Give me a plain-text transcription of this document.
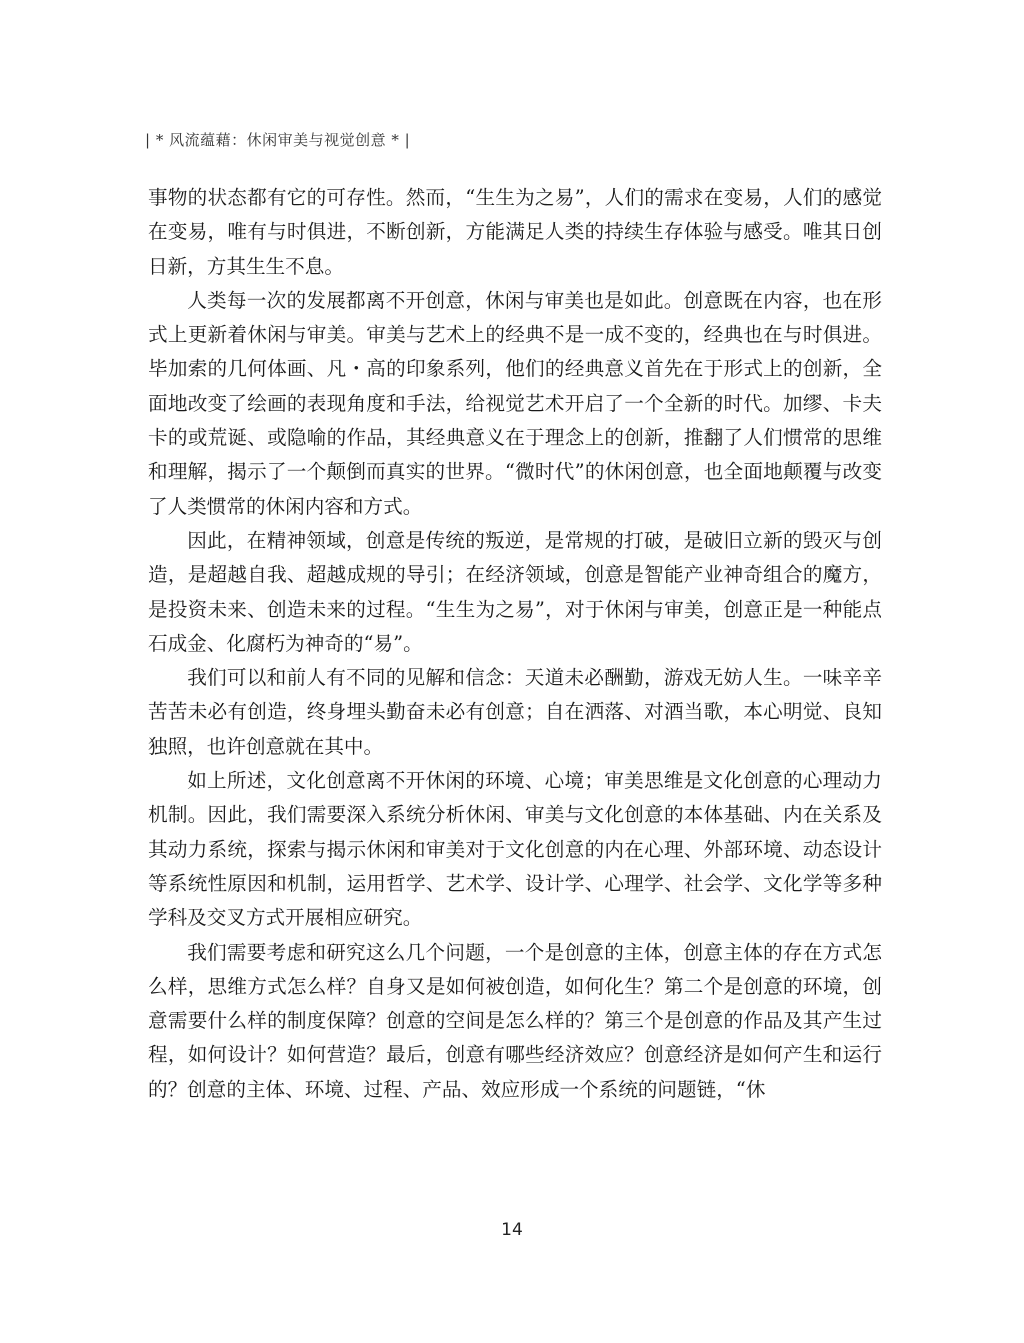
| * 风流蕴藉：休闲审美与视觉创意 * |

事物的状态都有它的可存性。然而，“生生为之易”，人们的需求在变易，人们的感觉在变易，唯有与时俱进，不断创新，方能满足人类的持续生存体验与感受。唯其日创日新，方其生生不息。

人类每一次的发展都离不开创意，休闲与审美也是如此。创意既在内容，也在形式上更新着休闲与审美。审美与艺术上的经典不是一成不变的，经典也在与时俱进。毕加索的几何体画、凡・高的印象系列，他们的经典意义首先在于形式上的创新，全面地改变了绘画的表现角度和手法，给视觉艺术开启了一个全新的时代。加缪、卡夫卡的或荒诞、或隐喻的作品，其经典意义在于理念上的创新，推翻了人们惯常的思维和理解，揭示了一个颠倒而真实的世界。“微时代”的休闲创意，也全面地颠覆与改变了人类惯常的休闲内容和方式。

因此，在精神领域，创意是传统的叛逆，是常规的打破，是破旧立新的毁灭与创造，是超越自我、超越成规的导引；在经济领域，创意是智能产业神奇组合的魔方，是投资未来、创造未来的过程。“生生为之易”，对于休闲与审美，创意正是一种能点石成金、化腐朽为神奇的“易”。

我们可以和前人有不同的见解和信念：天道未必酬勤，游戏无妨人生。一味辛辛苦苦未必有创造，终身埋头勤奋未必有创意；自在洒落、对酒当歌，本心明觉、良知独照，也许创意就在其中。

如上所述，文化创意离不开休闲的环境、心境；审美思维是文化创意的心理动力机制。因此，我们需要深入系统分析休闲、审美与文化创意的本体基础、内在关系及其动力系统，探索与揭示休闲和审美对于文化创意的内在心理、外部环境、动态设计等系统性原因和机制，运用哲学、艺术学、设计学、心理学、社会学、文化学等多种学科及交叉方式开展相应研究。

我们需要考虑和研究这么几个问题，一个是创意的主体，创意主体的存在方式怎么样，思维方式怎么样？自身又是如何被创造，如何化生？第二个是创意的环境，创意需要什么样的制度保障？创意的空间是怎么样的？第三个是创意的作品及其产生过程，如何设计？如何营造？最后，创意有哪些经济效应？创意经济是如何产生和运行的？创意的主体、环境、过程、产品、效应形成一个系统的问题链，“休

14
